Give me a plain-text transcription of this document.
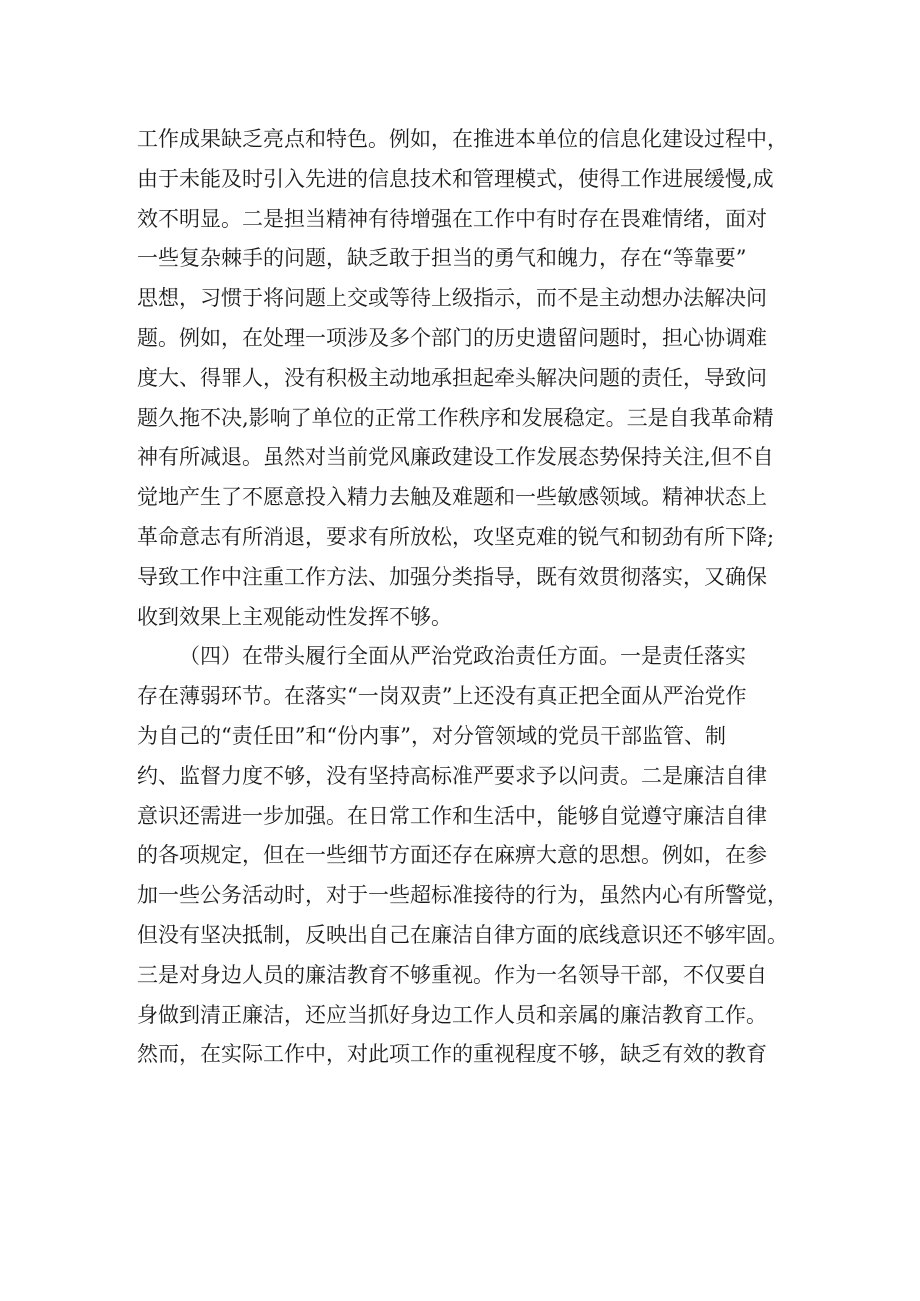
工作成果缺乏亮点和特色。例如，在推进本单位的信息化建设过程中，
由于未能及时引入先进的信息技术和管理模式，使得工作进展缓慢,成
效不明显。二是担当精神有待增强在工作中有时存在畏难情绪，面对
一些复杂棘手的问题，缺乏敢于担当的勇气和魄力，存在“等靠要”
思想，习惯于将问题上交或等待上级指示，而不是主动想办法解决问
题。例如，在处理一项涉及多个部门的历史遗留问题时，担心协调难
度大、得罪人，没有积极主动地承担起牵头解决问题的责任，导致问
题久拖不决,影响了单位的正常工作秩序和发展稳定。三是自我革命精
神有所减退。虽然对当前党风廉政建设工作发展态势保持关注,但不自
觉地产生了不愿意投入精力去触及难题和一些敏感领域。精神状态上
革命意志有所消退，要求有所放松，攻坚克难的锐气和韧劲有所下降;
导致工作中注重工作方法、加强分类指导，既有效贯彻落实，又确保
收到效果上主观能动性发挥不够。
（四）在带头履行全面从严治党政治责任方面。一是责任落实
存在薄弱环节。在落实“一岗双责”上还没有真正把全面从严治党作
为自己的“责任田”和“份内事”，对分管领域的党员干部监管、制
约、监督力度不够，没有坚持高标准严要求予以问责。二是廉洁自律
意识还需进一步加强。在日常工作和生活中，能够自觉遵守廉洁自律
的各项规定，但在一些细节方面还存在麻痹大意的思想。例如，在参
加一些公务活动时，对于一些超标准接待的行为，虽然内心有所警觉，
但没有坚决抵制，反映出自己在廉洁自律方面的底线意识还不够牢固。
三是对身边人员的廉洁教育不够重视。作为一名领导干部，不仅要自
身做到清正廉洁，还应当抓好身边工作人员和亲属的廉洁教育工作。
然而，在实际工作中，对此项工作的重视程度不够，缺乏有效的教育
